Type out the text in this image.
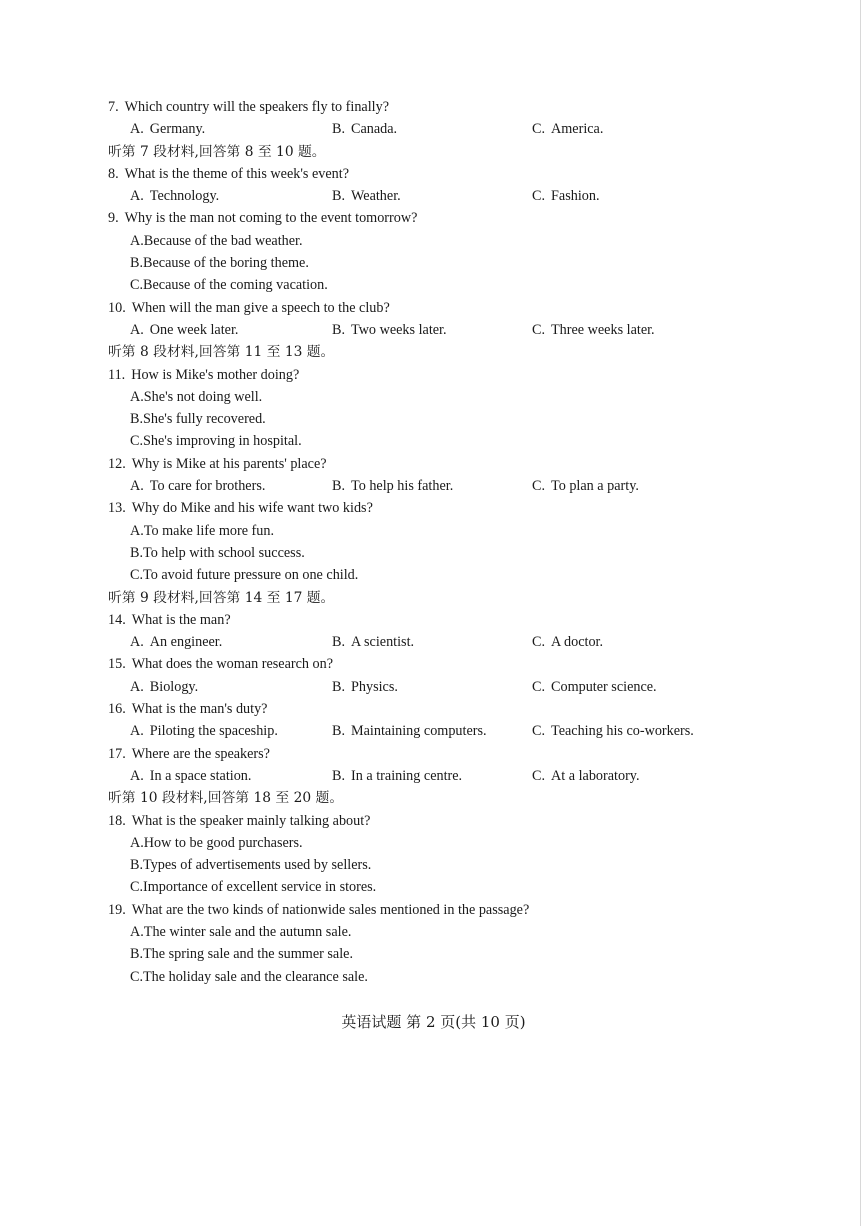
7. Which country will the speakers fly to finally?
A. Germany.	B. Canada.	C. America.
听第 7 段材料,回答第 8 至 10 题。
8. What is the theme of this week's event?
A. Technology.	B. Weather.	C. Fashion.
9. Why is the man not coming to the event tomorrow?
A.Because of the bad weather.
B.Because of the boring theme.
C.Because of the coming vacation.
10. When will the man give a speech to the club?
A. One week later.	B. Two weeks later.	C. Three weeks later.
听第 8 段材料,回答第 11 至 13 题。
11. How is Mike's mother doing?
A.She's not doing well.
B.She's fully recovered.
C.She's improving in hospital.
12. Why is Mike at his parents' place?
A. To care for brothers.	B. To help his father.	C. To plan a party.
13. Why do Mike and his wife want two kids?
A.To make life more fun.
B.To help with school success.
C.To avoid future pressure on one child.
听第 9 段材料,回答第 14 至 17 题。
14. What is the man?
A. An engineer.	B. A scientist.	C. A doctor.
15. What does the woman research on?
A. Biology.	B. Physics.	C. Computer science.
16. What is the man's duty?
A. Piloting the spaceship.	B. Maintaining computers.	C. Teaching his co-workers.
17. Where are the speakers?
A. In a space station.	B. In a training centre.	C. At a laboratory.
听第 10 段材料,回答第 18 至 20 题。
18. What is the speaker mainly talking about?
A.How to be good purchasers.
B.Types of advertisements used by sellers.
C.Importance of excellent service in stores.
19. What are the two kinds of nationwide sales mentioned in the passage?
A.The winter sale and the autumn sale.
B.The spring sale and the summer sale.
C.The holiday sale and the clearance sale.
英语试题 第 2 页(共 10 页)
